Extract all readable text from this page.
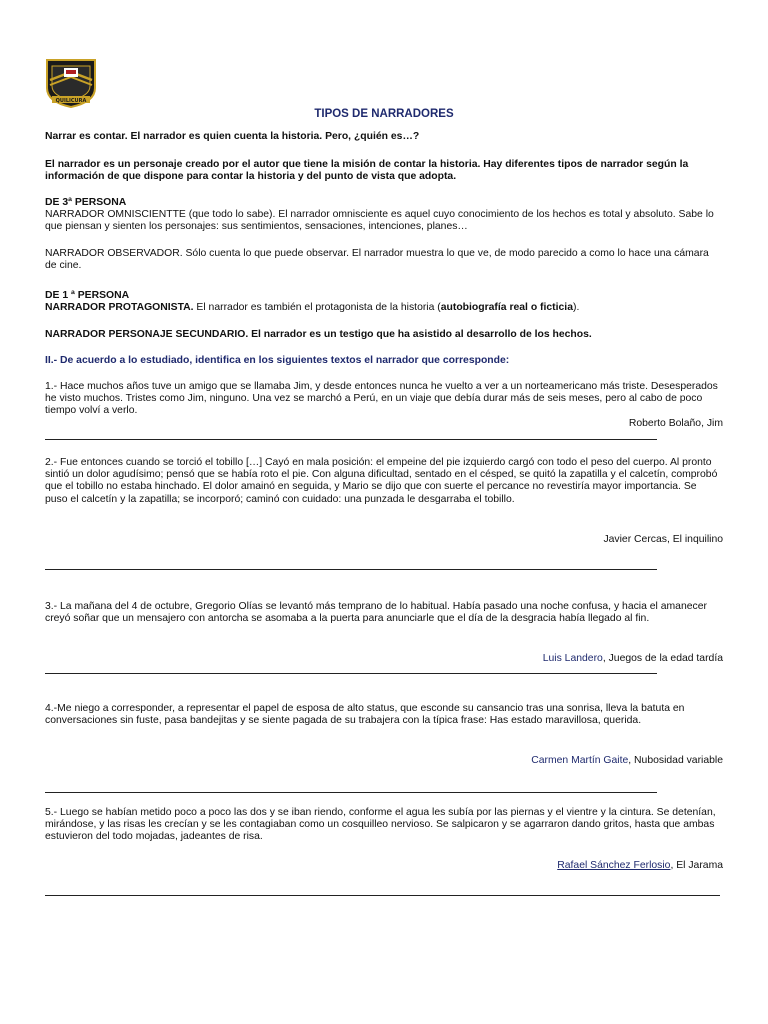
QUILICURA
TIPOS DE NARRADORES
Narrar es contar. El narrador es quien cuenta la historia. Pero, ¿quién es…?
El narrador es un personaje creado por el autor que tiene la misión de contar la historia. Hay diferentes tipos de narrador según la información de que dispone para contar la historia y del punto de vista que adopta.

DE 3ª PERSONA

NARRADOR OMNISCIENTTE (que todo lo sabe). El narrador omnisciente es aquel cuyo conocimiento de los hechos es total y absoluto. Sabe lo que piensan y sienten los personajes: sus sentimientos, sensaciones, intenciones, planes…

NARRADOR OBSERVADOR. Sólo cuenta lo que puede observar. El narrador muestra lo que ve, de modo parecido a como lo hace una cámara de cine.

DE 1 ª PERSONA

NARRADOR PROTAGONISTA. El narrador es también el protagonista de la historia (autobiografía real o ficticia).

NARRADOR PERSONAJE SECUNDARIO. El narrador es un testigo que ha asistido al desarrollo de los hechos.
II.- De acuerdo a lo estudiado, identifica en los siguientes textos el narrador que corresponde:
1.- Hace muchos años tuve un amigo que se llamaba Jim, y desde entonces nunca he vuelto a ver a un norteamericano más triste. Desesperados he visto muchos. Tristes como Jim, ninguno. Una vez se marchó a Perú, en un viaje que debía durar más de seis meses, pero al cabo de poco tiempo volví a verlo.
Roberto Bolaño, Jim
2.- Fue entonces cuando se torció el tobillo […] Cayó en mala posición: el empeine del pie izquierdo cargó con todo el peso del cuerpo. Al pronto sintió un dolor agudísimo; pensó que se había roto el pie. Con alguna dificultad, sentado en el césped, se quitó la zapatilla y el calcetín, comprobó que el tobillo no estaba hinchado. El dolor amainó en seguida, y Mario se dijo que con suerte el percance no revestiría mayor importancia. Se puso el calcetín y la zapatilla; se incorporó; caminó con cuidado: una punzada le desgarraba el tobillo.
Javier Cercas, El inquilino
3.- La mañana del 4 de octubre, Gregorio Olías se levantó más temprano de lo habitual. Había pasado una noche confusa, y hacia el amanecer creyó soñar que un mensajero con antorcha se asomaba a la puerta para anunciarle que el día de la desgracia había llegado al fin.
Luis Landero, Juegos de la edad tardía
4.-Me niego a corresponder, a representar el papel de esposa de alto status, que esconde su cansancio tras una sonrisa, lleva la batuta en conversaciones sin fuste, pasa bandejitas y se siente pagada de su trabajera con la típica frase: Has estado maravillosa, querida.
Carmen Martín Gaite, Nubosidad variable
5.- Luego se habían metido poco a poco las dos y se iban riendo, conforme el agua les subía por las piernas y el vientre y la cintura. Se detenían, mirándose, y las risas les crecían y se les contagiaban como un cosquilleo nervioso. Se salpicaron y se agarraron dando gritos, hasta que ambas estuvieron del todo mojadas, jadeantes de risa.
Rafael Sánchez Ferlosio, El Jarama
